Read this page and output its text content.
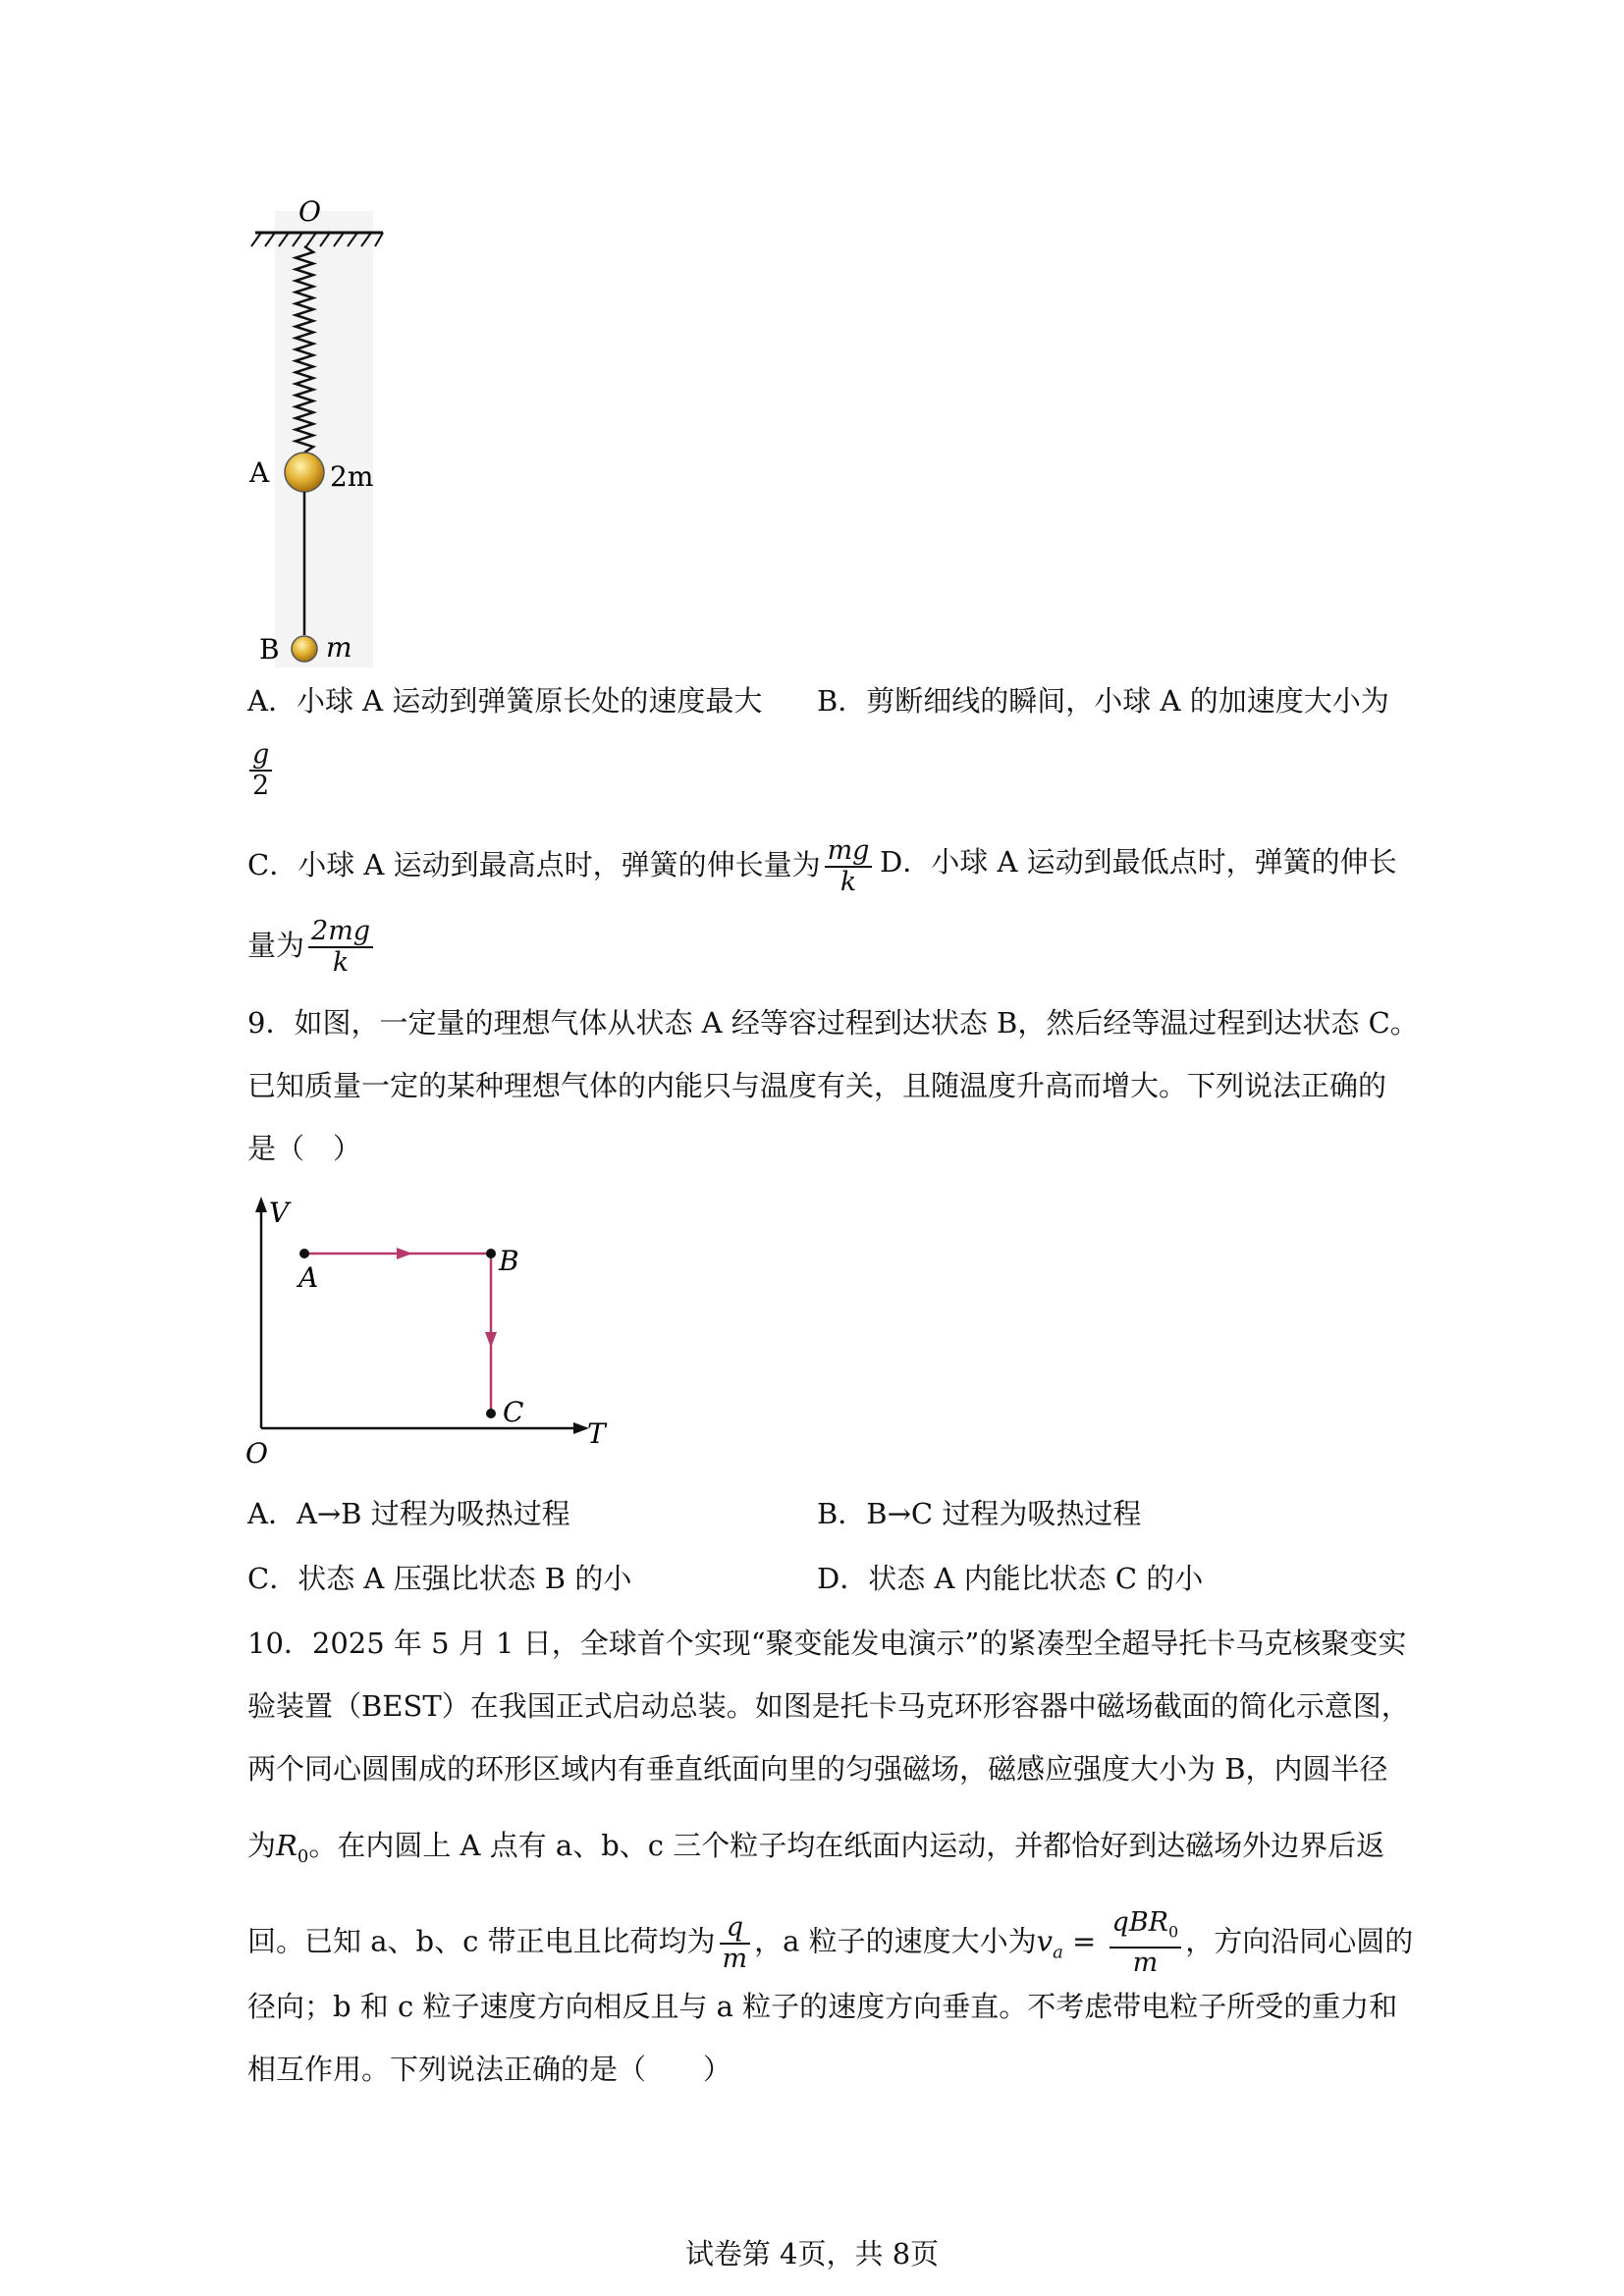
O
A 2m
B m
A．小球 A 运动到弹簧原长处的速度最大 B．剪断细线的瞬间，小球 A 的加速度大小为
$\frac{g}{2}$
C．小球 A 运动到最高点时，弹簧的伸长量为 $\frac{mg}{k}$ D．小球 A 运动到最低点时，弹簧的伸长
量为 $\frac{2mg}{k}$
9．如图，一定量的理想气体从状态 A 经等容过程到达状态 B，然后经等温过程到达状态 C。
已知质量一定的某种理想气体的内能只与温度有关，且随温度升高而增大。下列说法正确的
是（　）
V
T
O
A
B
C
A．A→B 过程为吸热过程	B．B→C 过程为吸热过程
C．状态 A 压强比状态 B 的小	D．状态 A 内能比状态 C 的小
10．2025 年 5 月 1 日，全球首个实现“聚变能发电演示”的紧凑型全超导托卡马克核聚变实
验装置（BEST）在我国正式启动总装。如图是托卡马克环形容器中磁场截面的简化示意图，
两个同心圆围成的环形区域内有垂直纸面向里的匀强磁场，磁感应强度大小为 B，内圆半径
为$R_0$。在内圆上 A 点有 a、b、c 三个粒子均在纸面内运动，并都恰好到达磁场外边界后返
回。已知 a、b、c 带正电且比荷均为 $\frac{q}{m}$ ，a 粒子的速度大小为$v_a = \frac{qBR_0}{m}$ ，方向沿同心圆的
径向；b 和 c 粒子速度方向相反且与 a 粒子的速度方向垂直。不考虑带电粒子所受的重力和
相互作用。下列说法正确的是（　　）
试卷第 4页，共 8页
